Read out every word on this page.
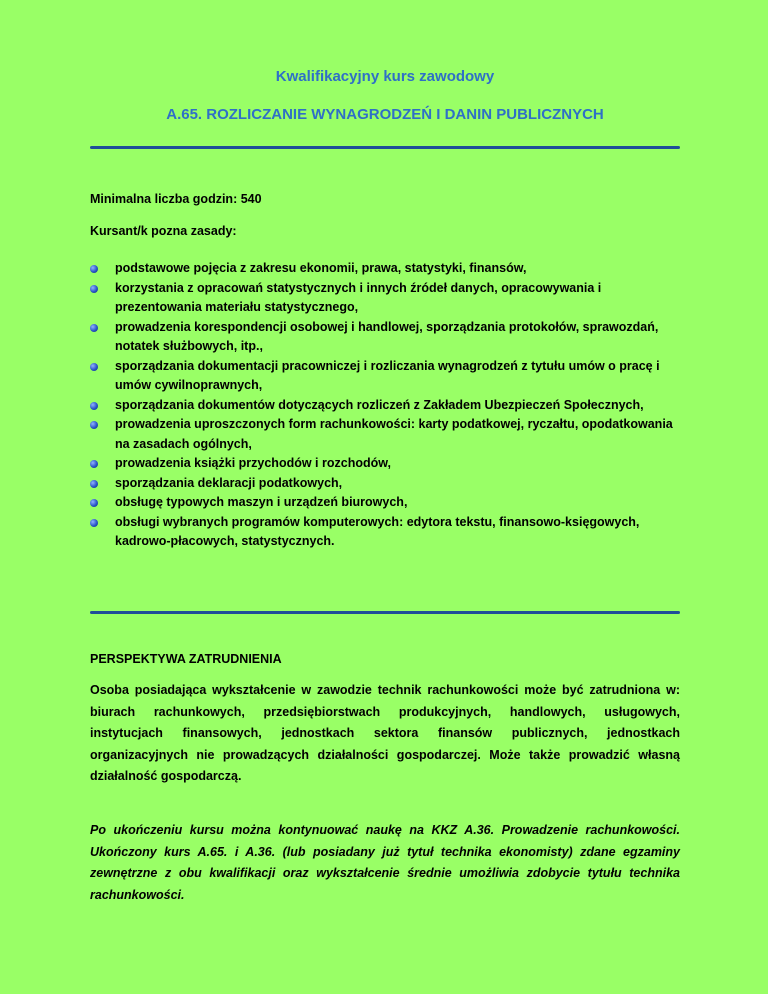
Kwalifikacyjny kurs zawodowy
A.65. ROZLICZANIE WYNAGRODZEŃ I DANIN PUBLICZNYCH

Minimalna liczba godzin: 540

Kursant/k pozna zasady:

podstawowe pojęcia z zakresu ekonomii, prawa, statystyki, finansów,
korzystania z opracowań statystycznych i innych źródeł danych, opracowywania i prezentowania materiału statystycznego,
prowadzenia korespondencji osobowej i handlowej, sporządzania protokołów, sprawozdań, notatek służbowych, itp.,
sporządzania dokumentacji pracowniczej i rozliczania wynagrodzeń z tytułu umów o pracę i umów cywilnoprawnych,
sporządzania dokumentów dotyczących rozliczeń z Zakładem Ubezpieczeń Społecznych,
prowadzenia uproszczonych form rachunkowości: karty podatkowej, ryczałtu, opodatkowania na zasadach ogólnych,
prowadzenia książki przychodów i rozchodów,
sporządzania deklaracji podatkowych,
obsługę typowych maszyn i urządzeń biurowych,
obsługi wybranych programów komputerowych: edytora tekstu, finansowo-księgowych, kadrowo-płacowych, statystycznych.

PERSPEKTYWA ZATRUDNIENIA

Osoba posiadająca wykształcenie w zawodzie technik rachunkowości może być zatrudniona w: biurach rachunkowych, przedsiębiorstwach produkcyjnych, handlowych, usługowych, instytucjach finansowych, jednostkach sektora finansów publicznych, jednostkach organizacyjnych nie prowadzących działalności gospodarczej. Może także prowadzić własną działalność gospodarczą.

Po ukończeniu kursu można kontynuować naukę na KKZ A.36. Prowadzenie rachunkowości. Ukończony kurs A.65. i A.36. (lub posiadany już tytuł technika ekonomisty) zdane egzaminy zewnętrzne z obu kwalifikacji oraz wykształcenie średnie umożliwia zdobycie tytułu technika rachunkowości.
